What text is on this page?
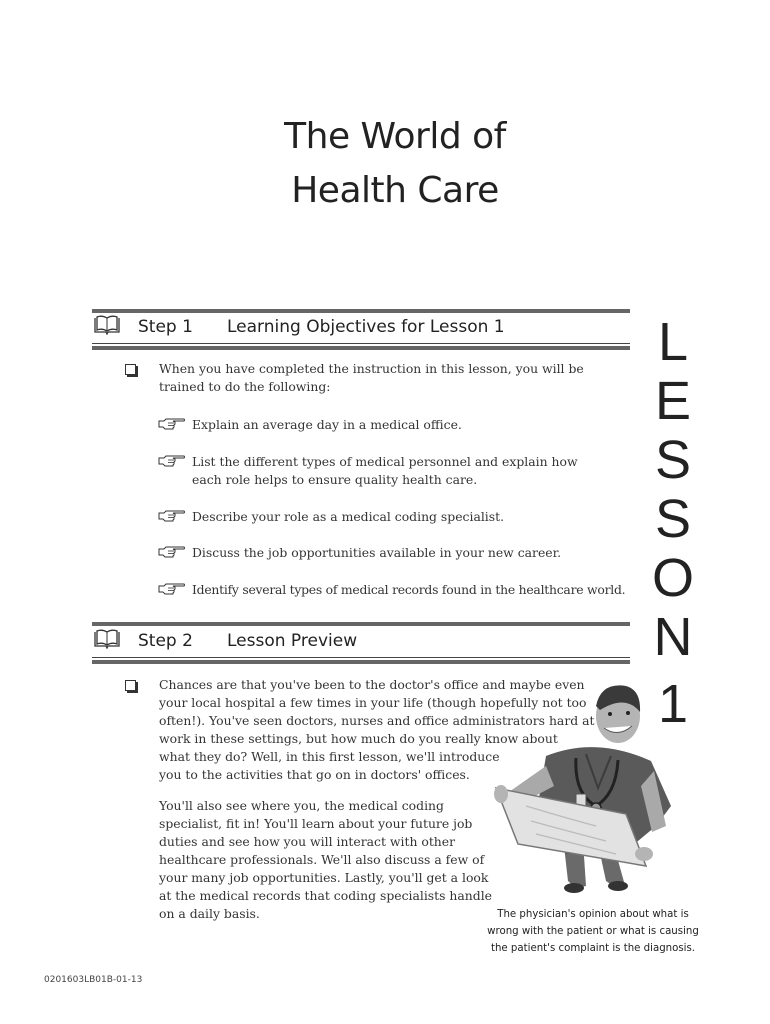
The World of
Health Care
Step 1 Learning Objectives for Lesson 1
When you have completed the instruction in this lesson, you will be
trained to do the following:
Explain an average day in a medical office.
List the different types of medical personnel and explain how
each role helps to ensure quality health care.
Describe your role as a medical coding specialist.
Discuss the job opportunities available in your new career.
Identify several types of medical records found in the healthcare world.
Step 2 Lesson Preview
Chances are that you've been to the doctor's office and maybe even
your local hospital a few times in your life (though hopefully not too
often!). You've seen doctors, nurses and office administrators hard at
work in these settings, but how much do you really know about
what they do? Well, in this first lesson, we'll introduce
you to the activities that go on in doctors' offices.
You'll also see where you, the medical coding
specialist, fit in! You'll learn about your future job
duties and see how you will interact with other
healthcare professionals. We'll also discuss a few of
your many job opportunities. Lastly, you'll get a look
at the medical records that coding specialists handle
on a daily basis.
L
E
S
S
O
N
1
The physician's opinion about what is
wrong with the patient or what is causing
the patient's complaint is the diagnosis.
0201603LB01B-01-13
